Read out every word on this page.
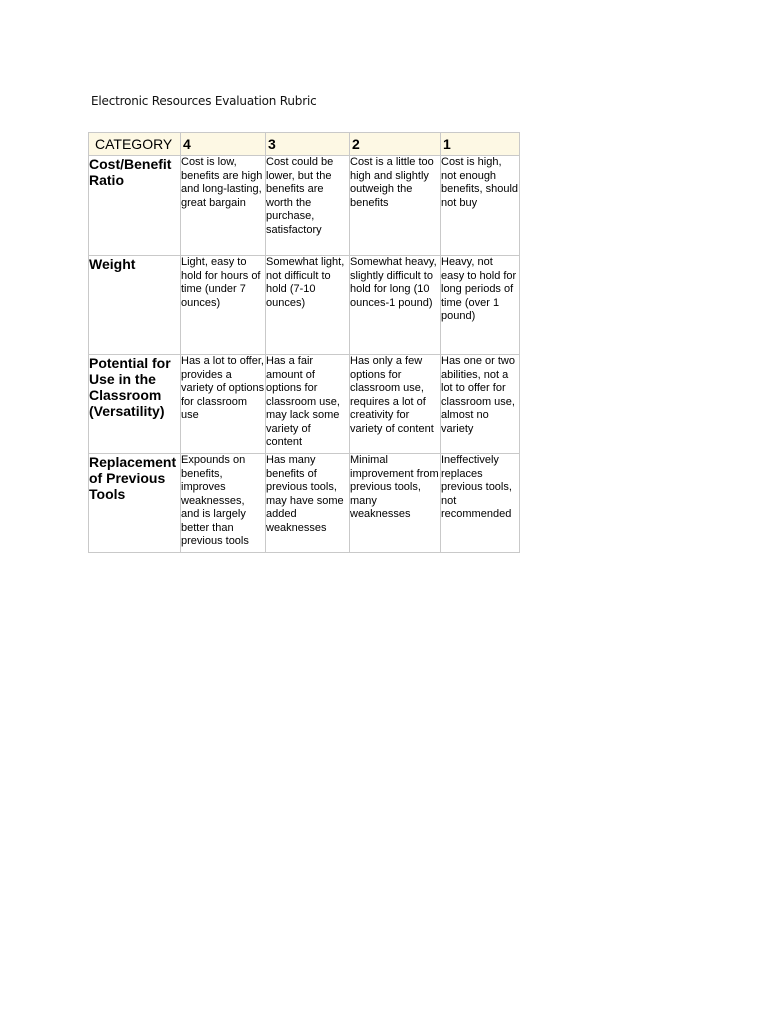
Electronic Resources Evaluation Rubric
CATEGORY	4	3	2	1
Cost/Benefit Ratio	Cost is low, benefits are high and long-lasting, great bargain	Cost could be lower, but the benefits are worth the purchase, satisfactory	Cost is a little too high and slightly outweigh the benefits	Cost is high, not enough benefits, should not buy
Weight	Light, easy to hold for hours of time (under 7 ounces)	Somewhat light, not difficult to hold (7-10 ounces)	Somewhat heavy, slightly difficult to hold for long (10 ounces-1 pound)	Heavy, not easy to hold for long periods of time (over 1 pound)
Potential for Use in the Classroom (Versatility)	Has a lot to offer, provides a variety of options for classroom use	Has a fair amount of options for classroom use, may lack some variety of content	Has only a few options for classroom use, requires a lot of creativity for variety of content	Has one or two abilities, not a lot to offer for classroom use, almost no variety
Replacement of Previous Tools	Expounds on benefits, improves weaknesses, and is largely better than previous tools	Has many benefits of previous tools, may have some added weaknesses	Minimal improvement from previous tools, many weaknesses	Ineffectively replaces previous tools, not recommended
